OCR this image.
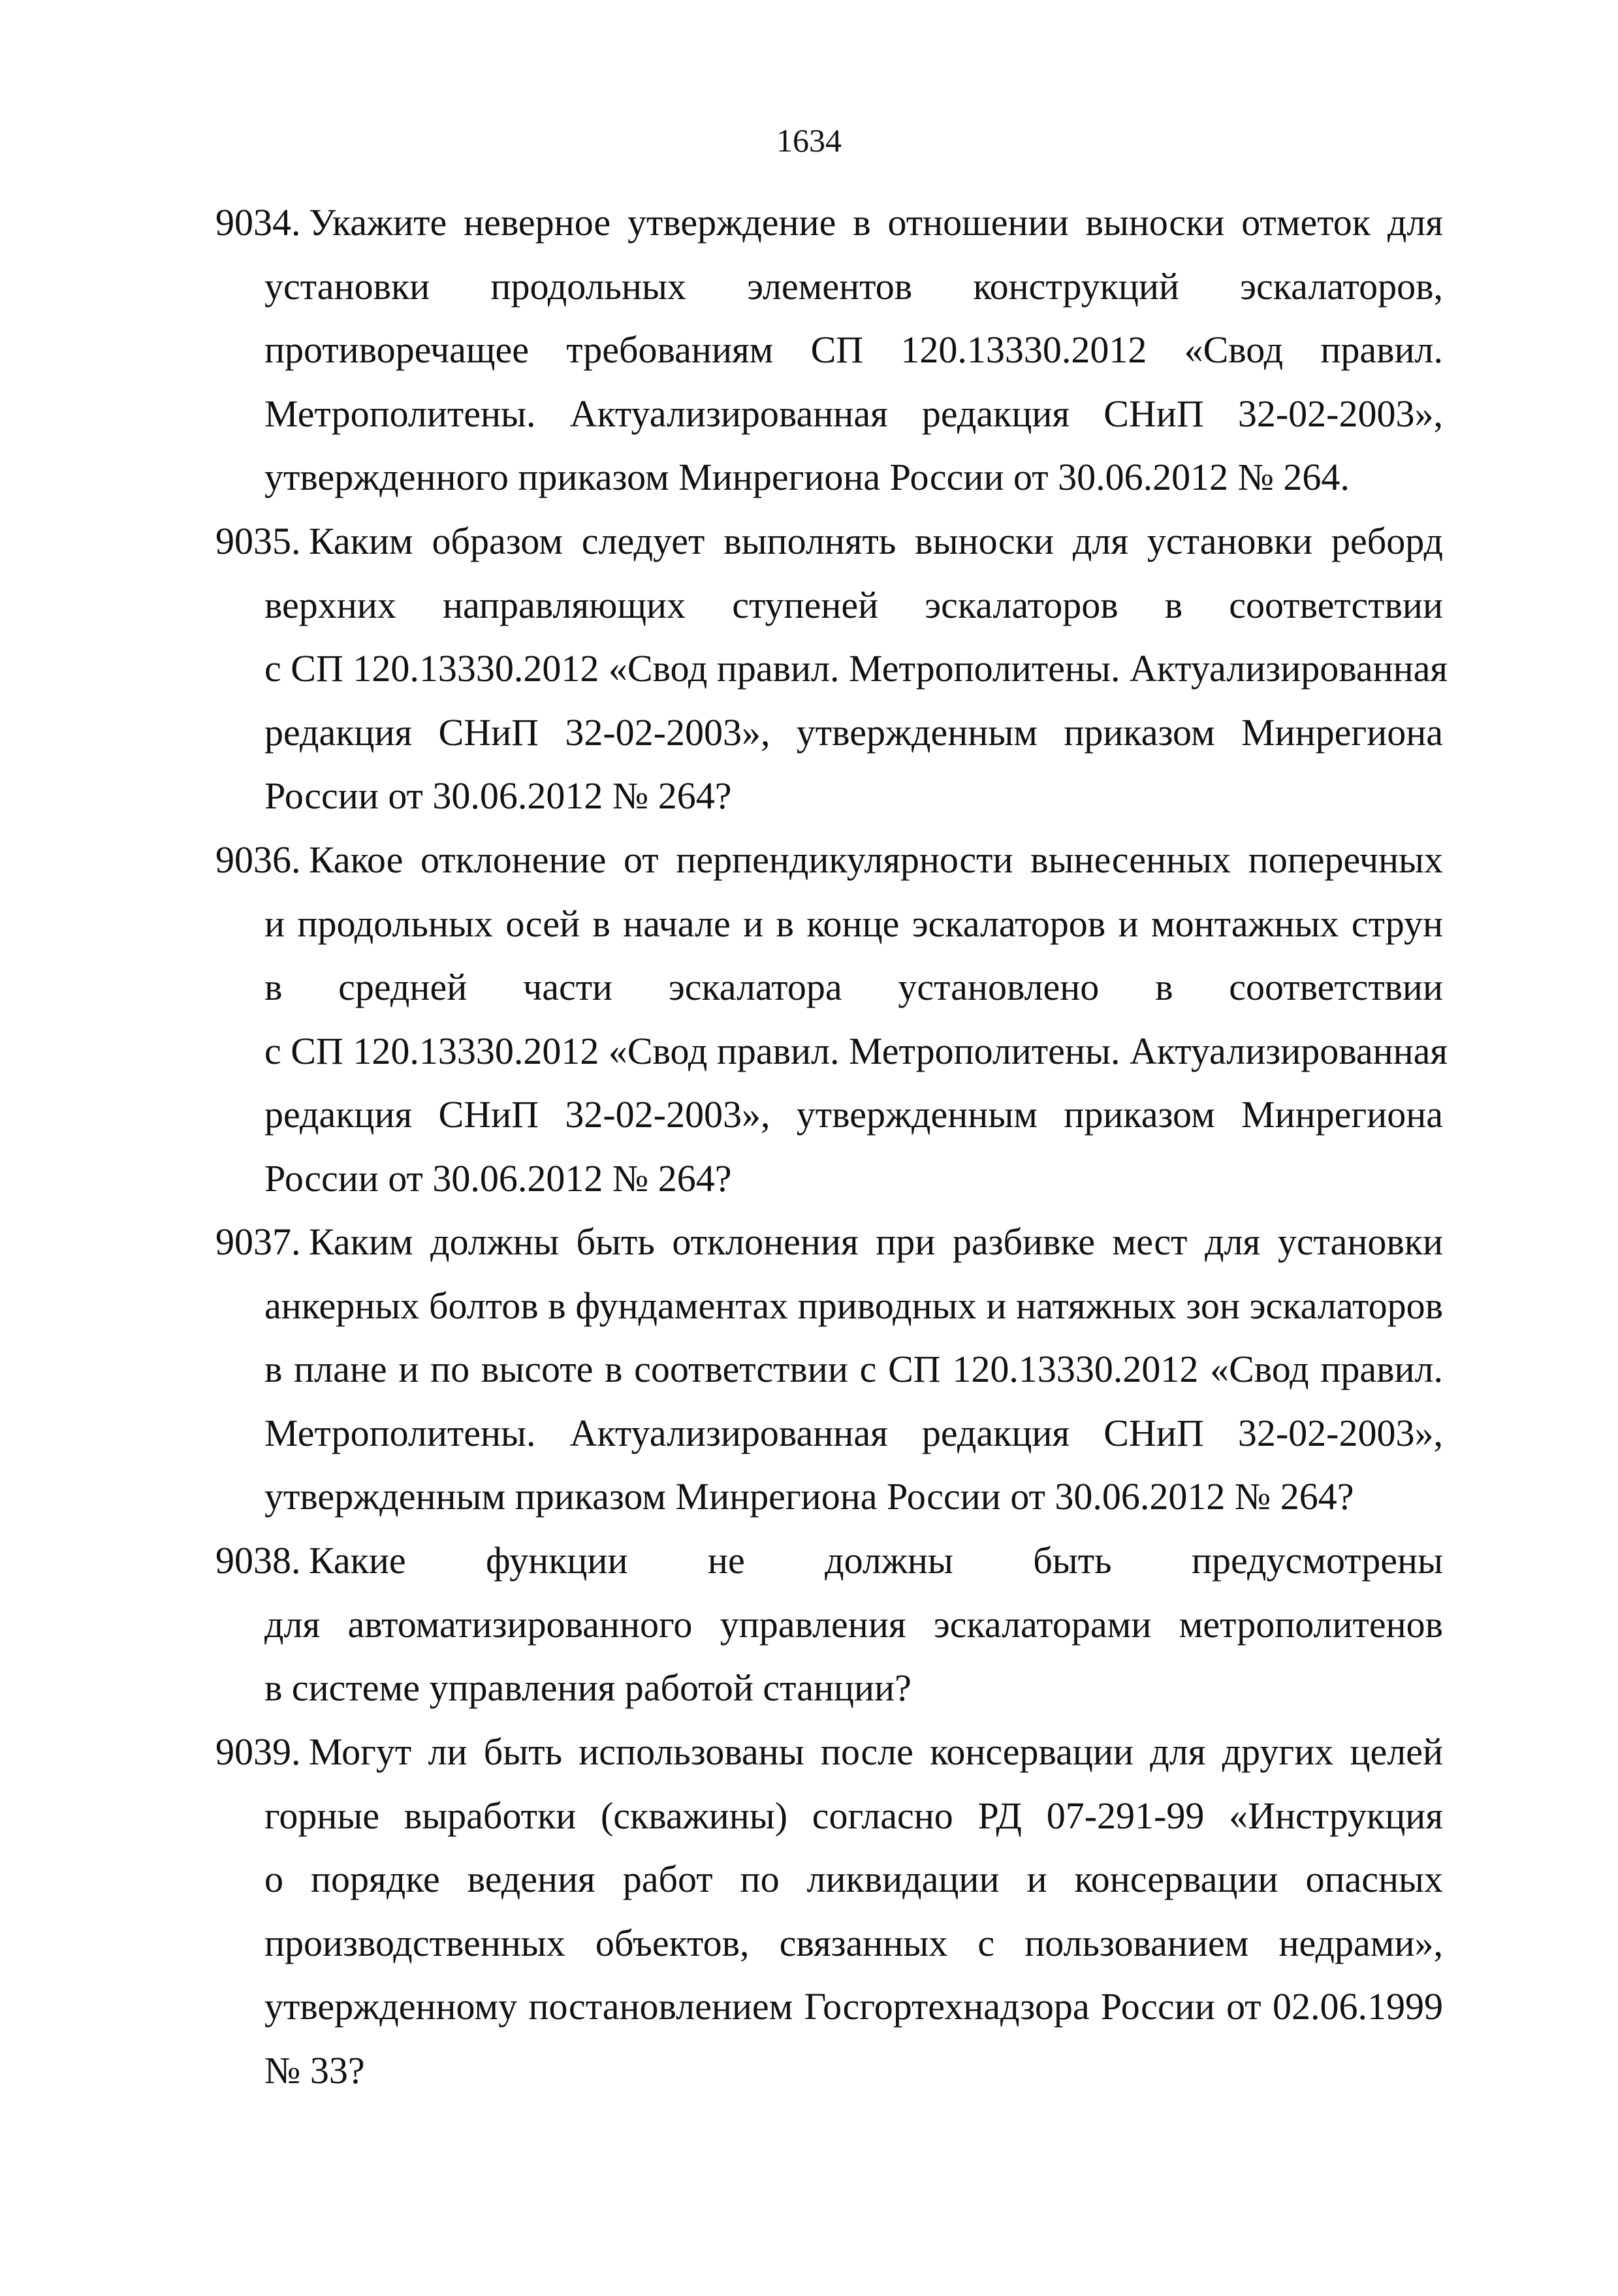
1634
9034. Укажите неверное утверждение в отношении выноски отметок для
установки продольных элементов конструкций эскалаторов,
противоречащее требованиям СП 120.13330.2012 «Свод правил.
Метрополитены. Актуализированная редакция СНиП 32-02-2003»,
утвержденного приказом Минрегиона России от 30.06.2012 № 264.
9035. Каким образом следует выполнять выноски для установки реборд
верхних направляющих ступеней эскалаторов в соответствии
с СП 120.13330.2012 «Свод правил. Метрополитены. Актуализированная
редакция СНиП 32-02-2003», утвержденным приказом Минрегиона
России от 30.06.2012 № 264?
9036. Какое отклонение от перпендикулярности вынесенных поперечных
и продольных осей в начале и в конце эскалаторов и монтажных струн
в средней части эскалатора установлено в соответствии
с СП 120.13330.2012 «Свод правил. Метрополитены. Актуализированная
редакция СНиП 32-02-2003», утвержденным приказом Минрегиона
России от 30.06.2012 № 264?
9037. Каким должны быть отклонения при разбивке мест для установки
анкерных болтов в фундаментах приводных и натяжных зон эскалаторов
в плане и по высоте в соответствии с СП 120.13330.2012 «Свод правил.
Метрополитены. Актуализированная редакция СНиП 32-02-2003»,
утвержденным приказом Минрегиона России от 30.06.2012 № 264?
9038. Какие функции не должны быть предусмотрены
для автоматизированного управления эскалаторами метрополитенов
в системе управления работой станции?
9039. Могут ли быть использованы после консервации для других целей
горные выработки (скважины) согласно РД 07-291-99 «Инструкция
о порядке ведения работ по ликвидации и консервации опасных
производственных объектов, связанных с пользованием недрами»,
утвержденному постановлением Госгортехнадзора России от 02.06.1999
№ 33?
